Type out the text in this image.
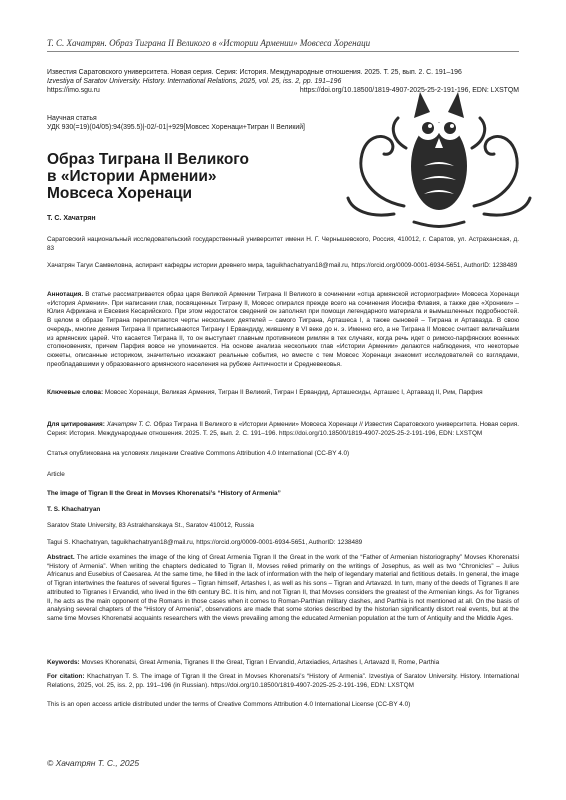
Т. С. Хачатрян. Образ Тиграна II Великого в «Истории Армении» Мовсеса Хоренаци
Известия Саратовского университета. Новая серия. Серия: История. Международные отношения. 2025. Т. 25, вып. 2. С. 191–196
Izvestiya of Saratov University. History. International Relations, 2025, vol. 25, iss. 2, pp. 191–196
https://imo.sgu.ru	https://doi.org/10.18500/1819-4907-2025-25-2-191-196, EDN: LXSTQM
Научная статья
УДК 930(=19)(04/05):94(395.5)|-02/-01|+929[Мовсес Хоренаци+Тигран II Великий]
Образ Тиграна II Великого
в «Истории Армении»
Мовсеса Хоренаци
Т. С. Хачатрян
Саратовский национальный исследовательский государственный университет имени Н. Г. Чернышевского, Россия, 410012, г. Саратов, ул. Астраханская, д. 83
Хачатрян Тагуи Самвеловна, аспирант кафедры истории древнего мира, taguikhachatryan18@mail.ru, https://orcid.org/0009-0001-6934-5651, AuthorID: 1238489
Аннотация. В статье рассматривается образ царя Великой Армении Тиграна II Великого в сочинении «отца армянской историографии» Мовсеса Хоренаци «История Армении». При написании глав, посвященных Тиграну II, Мовсес опирался прежде всего на сочинения Иосифа Флавия, а также две «Хроники» – Юлия Африкана и Евсевия Кесарийского. При этом недостаток сведений он заполнял при помощи легендарного материала и вымышленных подробностей. В целом в образе Тиграна переплетаются черты нескольких деятелей – самого Тиграна, Арташеса I, а также сыновей – Тиграна и Артавазда. В свою очередь, многие деяния Тиграна II приписываются Тиграну I Ервандиду, жившему в VI веке до н. э. Именно его, а не Тиграна II Мовсес считает величайшим из армянских царей. Что касается Тиграна II, то он выступает главным противником римлян в тех случаях, когда речь идет о римско-парфянских военных столкновениях, причем Парфия вовсе не упоминается. На основе анализа нескольких глав «Истории Армении» делаются наблюдения, что некоторые сюжеты, описанные историком, значительно искажают реальные события, но вместе с тем Мовсес Хоренаци знакомит исследователей со взглядами, преобладавшими у образованного армянского населения на рубеже Античности и Средневековья.
Ключевые слова: Мовсес Хоренаци, Великая Армения, Тигран II Великий, Тигран I Ервандид, Арташесиды, Арташес I, Артавазд II, Рим, Парфия
Для цитирования: Хачатрян Т. С. Образ Тиграна II Великого в «Истории Армении» Мовсеса Хоренаци // Известия Саратовского университета. Новая серия. Серия: История. Международные отношения. 2025. Т. 25, вып. 2. С. 191–196. https://doi.org/10.18500/1819-4907-2025-25-2-191-196, EDN: LXSTQM
Статья опубликована на условиях лицензии Creative Commons Attribution 4.0 International (CC-BY 4.0)
Article
The image of Tigran II the Great in Movses Khorenatsi’s “History of Armenia”
T. S. Khachatryan
Saratov State University, 83 Astrakhanskaya St., Saratov 410012, Russia
Tagui S. Khachatryan, taguikhachatryan18@mail.ru, https://orcid.org/0009-0001-6934-5651, AuthorID: 1238489
Abstract. The article examines the image of the king of Great Armenia Tigran II the Great in the work of the “Father of Armenian historiography” Movses Khorenatsi “History of Armenia”. When writing the chapters dedicated to Tigran II, Movses relied primarily on the writings of Josephus, as well as two “Chronicles” – Julius Africanus and Eusebius of Caesarea. At the same time, he filled in the lack of information with the help of legendary material and fictitious details. In general, the image of Tigran intertwines the features of several figures – Tigran himself, Artashes I, as well as his sons – Tigran and Artavazd. In turn, many of the deeds of Tigranes II are attributed to Tigranes I Ervandid, who lived in the 6th century BC. It is him, and not Tigran II, that Movses considers the greatest of the Armenian kings. As for Tigranes II, he acts as the main opponent of the Romans in those cases when it comes to Roman-Parthian military clashes, and Parthia is not mentioned at all. On the basis of analysing several chapters of the “History of Armenia”, observations are made that some stories described by the historian significantly distort real events, but at the same time Movses Khorenatsi acquaints researchers with the views prevailing among the educated Armenian population at the turn of Antiquity and the Middle Ages.
Keywords: Movses Khorenatsi, Great Armenia, Tigranes II the Great, Tigran I Ervandid, Artaxiadies, Artashes I, Artavazd II, Rome, Parthia
For citation: Khachatryan T. S. The image of Tigran II the Great in Movses Khorenatsi’s “History of Armenia”. Izvestiya of Saratov University. History. International Relations, 2025, vol. 25, iss. 2, pp. 191–196 (in Russian). https://doi.org/10.18500/1819-4907-2025-25-2-191-196, EDN: LXSTQM
This is an open access article distributed under the terms of Creative Commons Attribution 4.0 International License (CC-BY 4.0)
© Хачатрян Т. С., 2025
